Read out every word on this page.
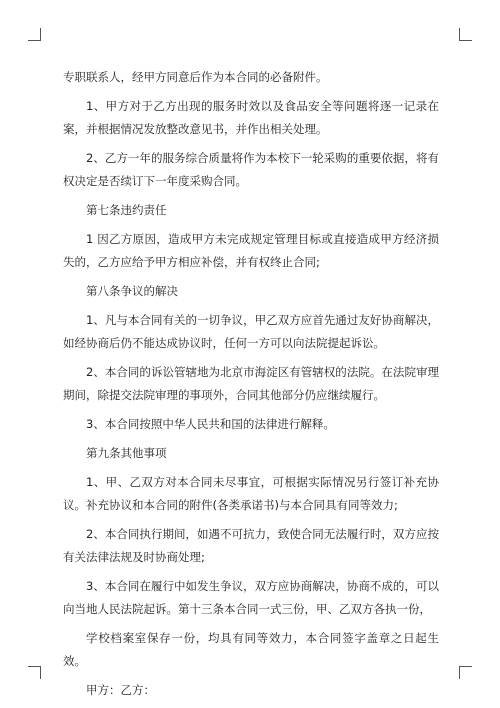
专职联系人，经甲方同意后作为本合同的必备附件。

1、甲方对于乙方出现的服务时效以及食品安全等问题将逐一记录在案，并根据情况发放整改意见书，并作出相关处理。

2、乙方一年的服务综合质量将作为本校下一轮采购的重要依据，将有权决定是否续订下一年度采购合同。

第七条违约责任

1 因乙方原因，造成甲方未完成规定管理目标或直接造成甲方经济损失的，乙方应给予甲方相应补偿，并有权终止合同;

第八条争议的解决

1、凡与本合同有关的一切争议，甲乙双方应首先通过友好协商解决，如经协商后仍不能达成协议时，任何一方可以向法院提起诉讼。

2、本合同的诉讼管辖地为北京市海淀区有管辖权的法院。在法院审理期间，除提交法院审理的事项外，合同其他部分仍应继续履行。

3、本合同按照中华人民共和国的法律进行解释。

第九条其他事项

1、甲、乙双方对本合同未尽事宜，可根据实际情况另行签订补充协议。补充协议和本合同的附件(各类承诺书)与本合同具有同等效力;

2、本合同执行期间，如遇不可抗力，致使合同无法履行时，双方应按有关法律法规及时协商处理;

3、本合同在履行中如发生争议，双方应协商解决，协商不成的，可以向当地人民法院起诉。第十三条本合同一式三份，甲、乙双方各执一份，

学校档案室保存一份，均具有同等效力，本合同签字盖章之日起生效。

甲方：乙方：
